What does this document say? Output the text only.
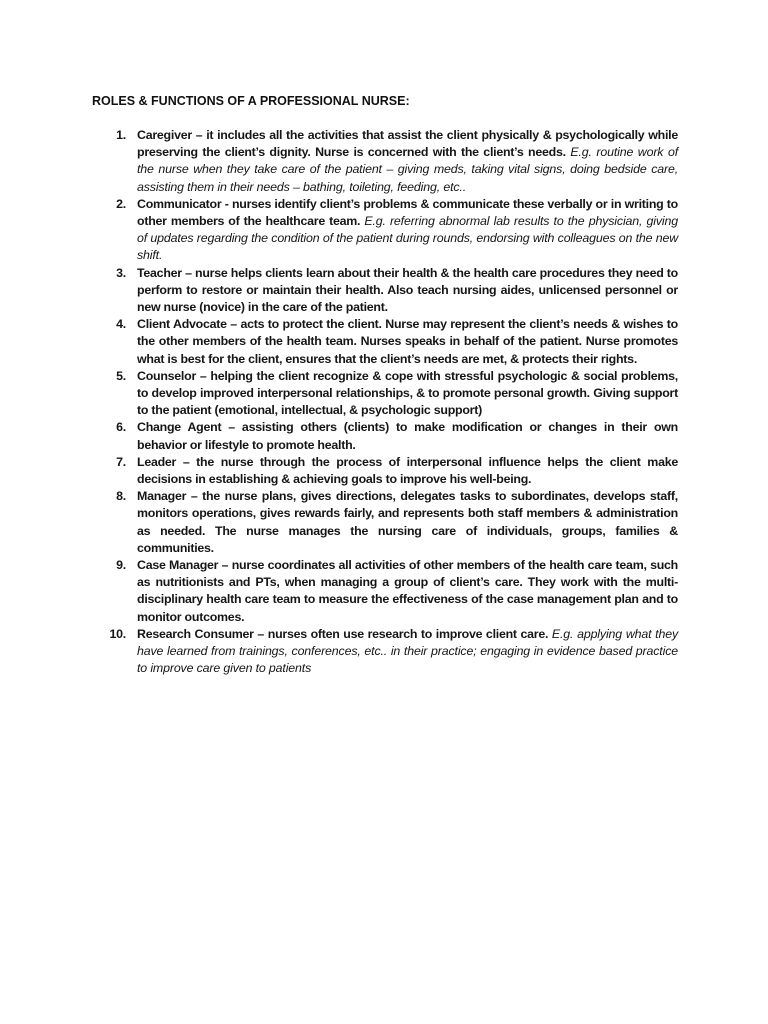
ROLES & FUNCTIONS OF A PROFESSIONAL NURSE:
1. Caregiver – it includes all the activities that assist the client physically & psychologically while preserving the client’s dignity. Nurse is concerned with the client’s needs. E.g. routine work of the nurse when they take care of the patient – giving meds, taking vital signs, doing bedside care, assisting them in their needs – bathing, toileting, feeding, etc..
2. Communicator - nurses identify client’s problems & communicate these verbally or in writing to other members of the healthcare team. E.g. referring abnormal lab results to the physician, giving of updates regarding the condition of the patient during rounds, endorsing with colleagues on the new shift.
3. Teacher – nurse helps clients learn about their health & the health care procedures they need to perform to restore or maintain their health. Also teach nursing aides, unlicensed personnel or new nurse (novice) in the care of the patient.
4. Client Advocate – acts to protect the client. Nurse may represent the client’s needs & wishes to the other members of the health team. Nurses speaks in behalf of the patient. Nurse promotes what is best for the client, ensures that the client’s needs are met, & protects their rights.
5. Counselor – helping the client recognize & cope with stressful psychologic & social problems, to develop improved interpersonal relationships, & to promote personal growth. Giving support to the patient (emotional, intellectual, & psychologic support)
6. Change Agent – assisting others (clients) to make modification or changes in their own behavior or lifestyle to promote health.
7. Leader – the nurse through the process of interpersonal influence helps the client make decisions in establishing & achieving goals to improve his well-being.
8. Manager – the nurse plans, gives directions, delegates tasks to subordinates, develops staff, monitors operations, gives rewards fairly, and represents both staff members & administration as needed. The nurse manages the nursing care of individuals, groups, families & communities.
9. Case Manager – nurse coordinates all activities of other members of the health care team, such as nutritionists and PTs, when managing a group of client’s care. They work with the multi-disciplinary health care team to measure the effectiveness of the case management plan and to monitor outcomes.
10. Research Consumer – nurses often use research to improve client care. E.g. applying what they have learned from trainings, conferences, etc.. in their practice; engaging in evidence based practice to improve care given to patients
